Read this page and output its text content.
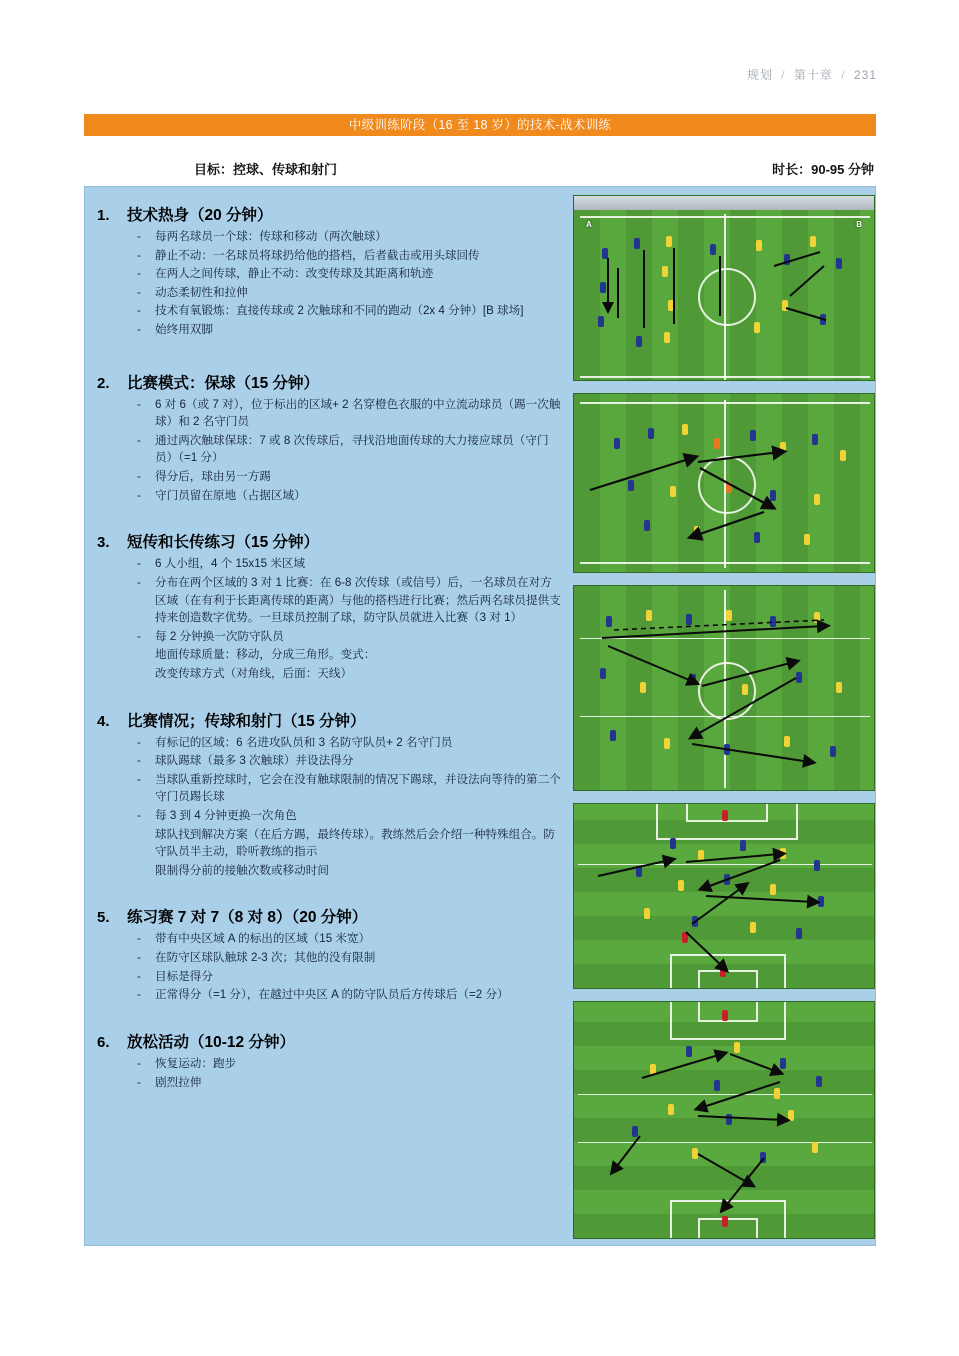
规划 / 第十章 / 231
中级训练阶段（16 至 18 岁）的技术-战术训练
目标：控球、传球和射门	时长：90-95 分钟
1.	技术热身（20 分钟）
- 每两名球员一个球：传球和移动（两次触球）
- 静止不动：一名球员将球扔给他的搭档，后者截击或用头球回传
- 在两人之间传球，静止不动：改变传球及其距离和轨迹
- 动态柔韧性和拉伸
- 技术有氧锻炼：直接传球或 2 次触球和不同的跑动（2x 4 分钟）[B 球场]
- 始终用双脚
2.	比赛模式：保球（15 分钟）
- 6 对 6（或 7 对），位于标出的区域+ 2 名穿橙色衣服的中立流动球员（踢一次触球）和 2 名守门员
- 通过两次触球保球：7 或 8 次传球后，寻找沿地面传球的大力接应球员（守门员）（=1 分）
- 得分后，球由另一方踢
- 守门员留在原地（占据区域）
3.	短传和长传练习（15 分钟）
- 6 人小组，4 个 15x15 米区域
- 分布在两个区域的 3 对 1 比赛：在 6-8 次传球（或信号）后，一名球员在对方区域（在有利于长距离传球的距离）与他的搭档进行比赛；然后两名球员提供支持来创造数字优势。一旦球员控制了球，防守队员就进入比赛（3 对 1）
- 每 2 分钟换一次防守队员
地面传球质量：移动，分成三角形。变式：
改变传球方式（对角线，后面：天线）
4.	比赛情况；传球和射门（15 分钟）
- 有标记的区域：6 名进攻队员和 3 名防守队员+ 2 名守门员
- 球队踢球（最多 3 次触球）并设法得分
- 当球队重新控球时，它会在没有触球限制的情况下踢球，并设法向等待的第二个守门员踢长球
- 每 3 到 4 分钟更换一次角色
球队找到解决方案（在后方踢，最终传球）。教练然后会介绍一种特殊组合。防守队员半主动，聆听教练的指示
限制得分前的接触次数或移动时间
5.	练习赛 7 对 7（8 对 8）（20 分钟）
- 带有中央区域 A 的标出的区域（15 米宽）
- 在防守区球队触球 2-3 次；其他的没有限制
- 目标是得分
- 正常得分（=1 分），在越过中央区 A 的防守队员后方传球后（=2 分）
6.	放松活动（10-12 分钟）
- 恢复运动：跑步
- 剧烈拉伸
A	B
